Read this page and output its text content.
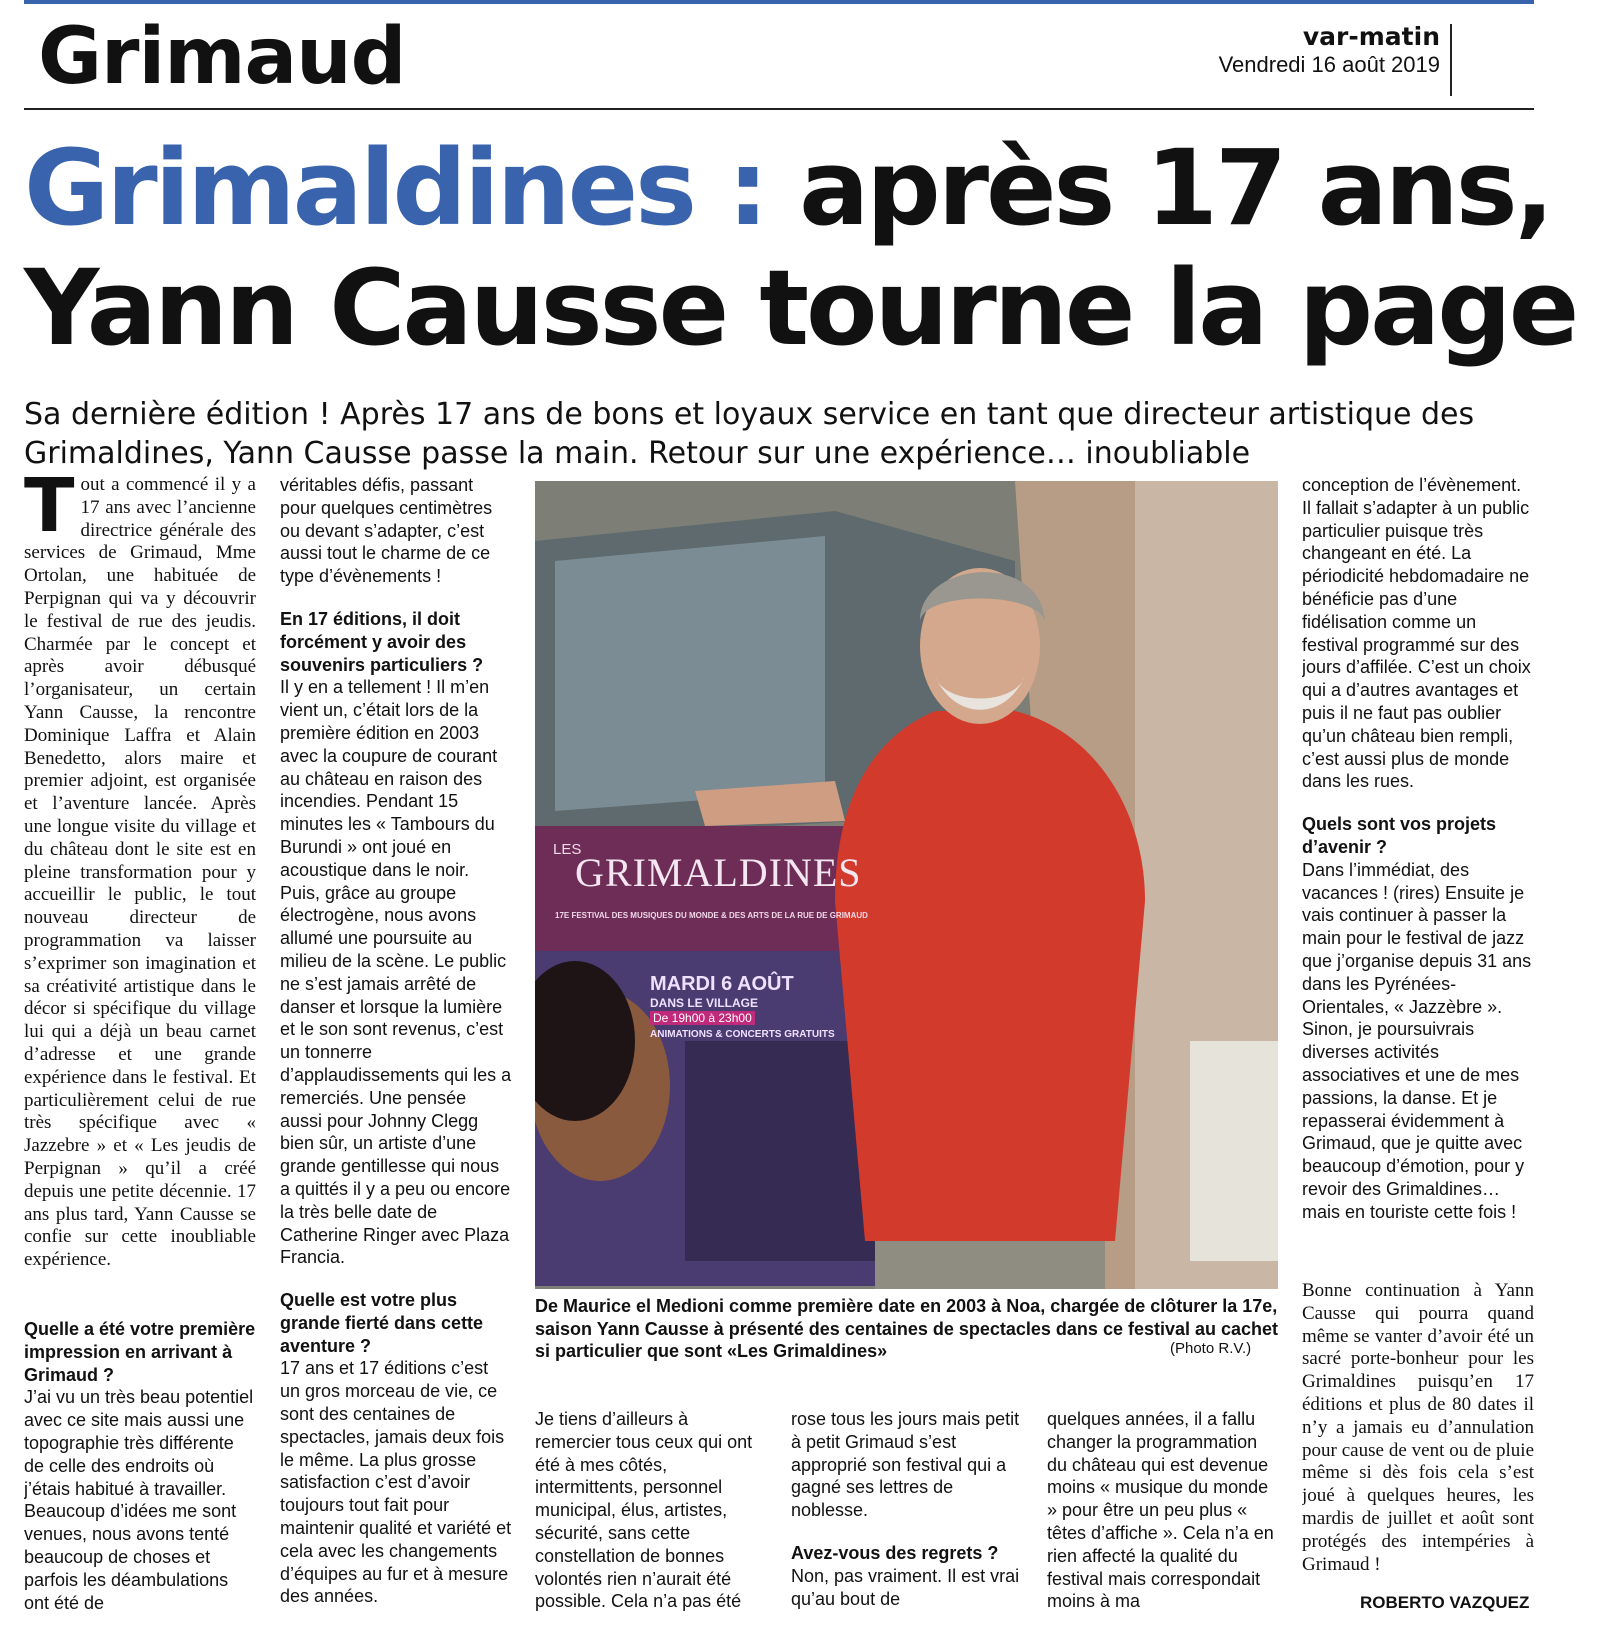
Grimaud	var-matin
Vendredi 16 août 2019
Grimaldines : après 17 ans,
Yann Causse tourne la page

Sa dernière édition ! Après 17 ans de bons et loyaux service en tant que directeur artistique des Grimaldines, Yann Causse passe la main. Retour sur une expérience… inoubliable

Tout a commencé il y a 17 ans avec l’ancienne directrice générale des services de Grimaud, Mme Ortolan, une habituée de Perpignan qui va y découvrir le festival de rue des jeudis. Charmée par le concept et après avoir débusqué l’organisateur, un certain Yann Causse, la rencontre Dominique Laffra et Alain Benedetto, alors maire et premier adjoint, est organisée et l’aventure lancée. Après une longue visite du village et du château dont le site est en pleine transformation pour y accueillir le public, le tout nouveau directeur de programmation va laisser s’exprimer son imagination et sa créativité artistique dans le décor si spécifique du village lui qui a déjà un beau carnet d’adresse et une grande expérience dans le festival. Et particulièrement celui de rue très spécifique avec « Jazzebre » et « Les jeudis de Perpignan » qu’il a créé depuis une petite décennie. 17 ans plus tard, Yann Causse se confie sur cette inoubliable expérience.

Quelle a été votre première impression en arrivant à Grimaud ?

J’ai vu un très beau potentiel avec ce site mais aussi une topographie très différente de celle des endroits où j’étais habitué à travailler. Beaucoup d’idées me sont venues, nous avons tenté beaucoup de choses et parfois les déambulations ont été de

véritables défis, passant pour quelques centimètres ou devant s’adapter, c’est aussi tout le charme de ce type d’évènements !

En 17 éditions, il doit forcément y avoir des souvenirs particuliers ?

Il y en a tellement ! Il m’en vient un, c’était lors de la première édition en 2003 avec la coupure de courant au château en raison des incendies. Pendant 15 minutes les « Tambours du Burundi » ont joué en acoustique dans le noir. Puis, grâce au groupe électrogène, nous avons allumé une poursuite au milieu de la scène. Le public ne s’est jamais arrêté de danser et lorsque la lumière et le son sont revenus, c’est un tonnerre d’applaudissements qui les a remerciés. Une pensée aussi pour Johnny Clegg bien sûr, un artiste d’une grande gentillesse qui nous a quittés il y a peu ou encore la très belle date de Catherine Ringer avec Plaza Francia.

Quelle est votre plus grande fierté dans cette aventure ?

17 ans et 17 éditions c’est un gros morceau de vie, ce sont des centaines de spectacles, jamais deux fois le même. La plus grosse satisfaction c’est d’avoir toujours tout fait pour maintenir qualité et variété et cela avec les changements d’équipes au fur et à mesure des années.

LES
GRIMALDINES
17E FESTIVAL DES MUSIQUES DU MONDE & DES ARTS DE LA RUE DE GRIMAUD
MARDI 6 AOÛT
DANS LE VILLAGE
De 19h00 à 23h00
ANIMATIONS & CONCERTS GRATUITS

De Maurice el Medioni comme première date en 2003 à Noa, chargée de clôturer la 17e, saison Yann Causse à présenté des centaines de spectacles dans ce festival au cachet si particulier que sont «Les Grimaldines»	(Photo R.V.)

Je tiens d’ailleurs à remercier tous ceux qui ont été à mes côtés, intermittents, personnel municipal, élus, artistes, sécurité, sans cette constellation de bonnes volontés rien n’aurait été possible. Cela n’a pas été

rose tous les jours mais petit à petit Grimaud s’est approprié son festival qui a gagné ses lettres de noblesse.

Avez-vous des regrets ?

Non, pas vraiment. Il est vrai qu’au bout de

quelques années, il a fallu changer la programmation du château qui est devenue moins « musique du monde » pour être un peu plus « têtes d’affiche ». Cela n’a en rien affecté la qualité du festival mais correspondait moins à ma

conception de l’évènement. Il fallait s’adapter à un public particulier puisque très changeant en été. La périodicité hebdomadaire ne bénéficie pas d’une fidélisation comme un festival programmé sur des jours d’affilée. C’est un choix qui a d’autres avantages et puis il ne faut pas oublier qu’un château bien rempli, c’est aussi plus de monde dans les rues.

Quels sont vos projets d’avenir ?

Dans l’immédiat, des vacances ! (rires) Ensuite je vais continuer à passer la main pour le festival de jazz que j’organise depuis 31 ans dans les Pyrénées-Orientales, « Jazzèbre ». Sinon, je poursuivrais diverses activités associatives et une de mes passions, la danse. Et je repasserai évidemment à Grimaud, que je quitte avec beaucoup d’émotion, pour y revoir des Grimaldines… mais en touriste cette fois !

Bonne continuation à Yann Causse qui pourra quand même se vanter d’avoir été un sacré porte-bonheur pour les Grimaldines puisqu’en 17 éditions et plus de 80 dates il n’y a jamais eu d’annulation pour cause de vent ou de pluie même si dès fois cela s’est joué à quelques heures, les mardis de juillet et août sont protégés des intempéries à Grimaud !

ROBERTO VAZQUEZ
